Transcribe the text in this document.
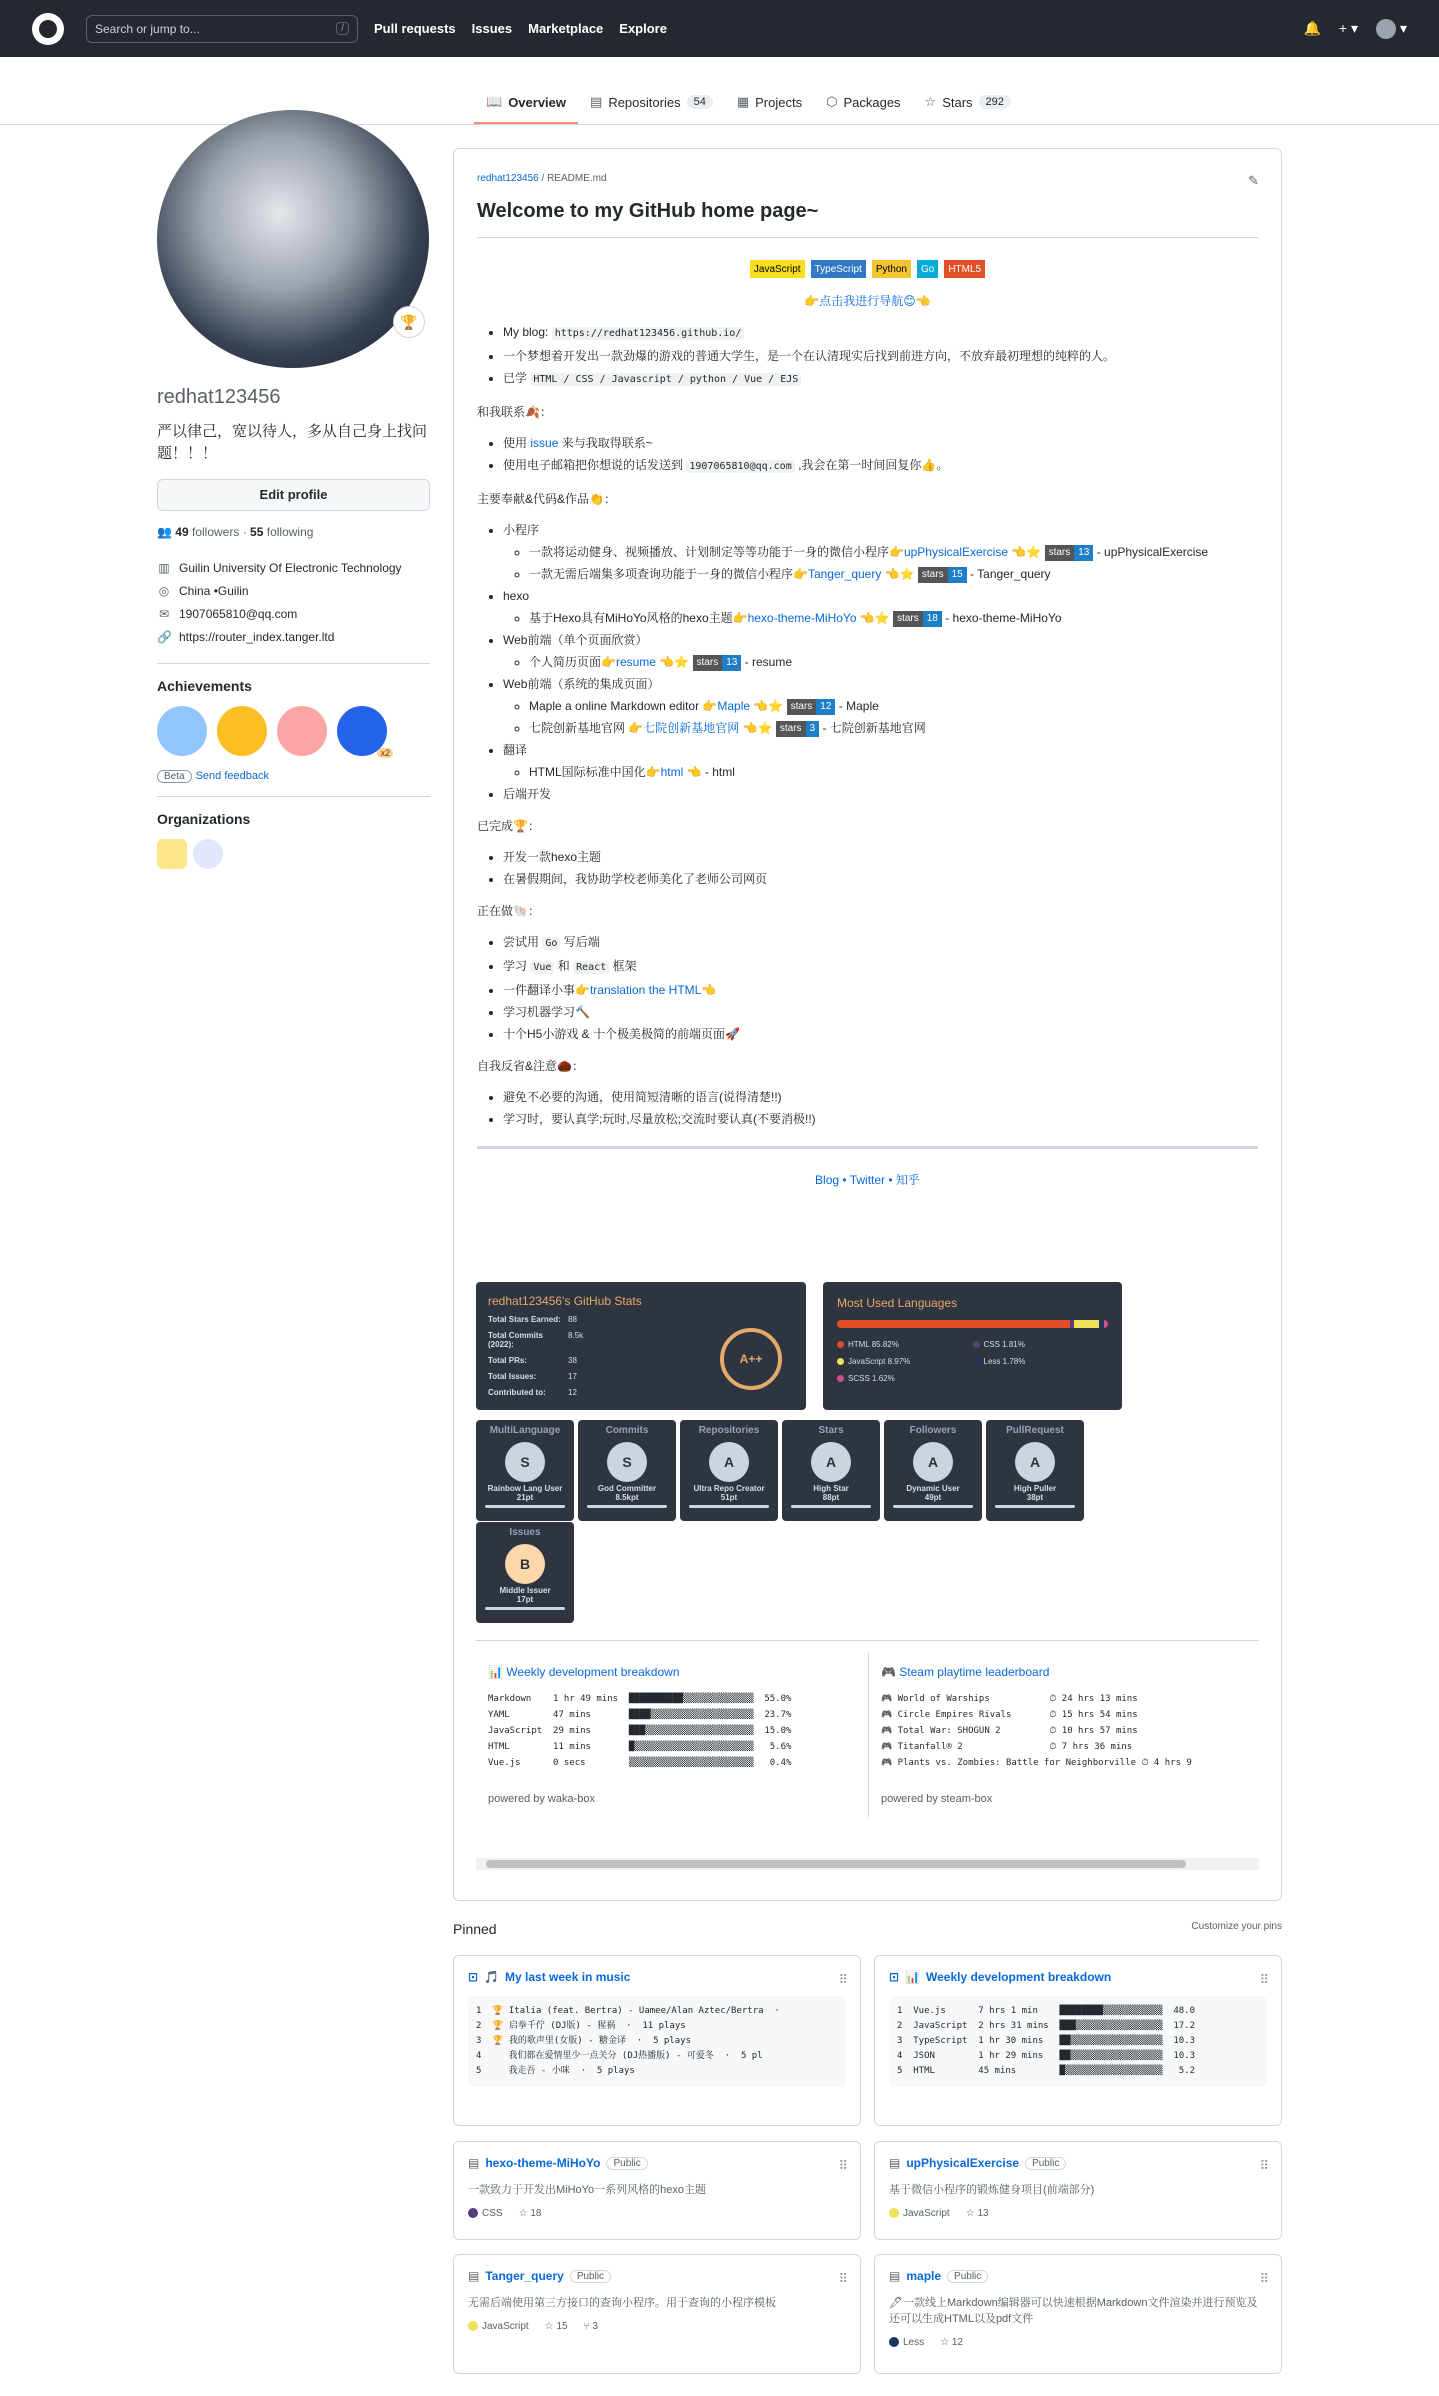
Search or jump to...	/	Pull requests Issues Marketplace Explore	🔔 + ▾	▾
📖 Overview ▤ Repositories	54	▦ Projects ⬡ Packages ☆ Stars	292
🏆
redhat123456
严以律己，宽以待人，多从自己身上找问题！！！
Edit profile
👥 49 followers · 55 following
▥ Guilin University Of Electronic Technology
◎ China •Guilin
✉ 1907065810@qq.com
🔗 https://router_index.tanger.ltd
Achievements
x2
Beta Send feedback
Organizations
redhat123456 / README.md	✎
Welcome to my GitHub home page~
JavaScript	TypeScript	Python	Go	HTML5
👉点击我进行导航😊👈
• My blog: https://redhat123456.github.io/
• 一个梦想着开发出一款劲爆的游戏的普通大学生，是一个在认清现实后找到前进方向，不放弃最初理想的纯粹的人。
• 已学 HTML / CSS / Javascript / python / Vue / EJS
和我联系🍂：
• 使用 issue 来与我取得联系~
• 使用电子邮箱把你想说的话发送到 1907065810@qq.com ,我会在第一时间回复你👍。
主要奉献&代码&作品👏：
• 小程序
◦ 一款将运动健身、视频播放、计划制定等等功能于一身的微信小程序👉upPhysicalExercise 👈⭐ stars 13 - upPhysicalExercise
◦ 一款无需后端集多项查询功能于一身的微信小程序👉Tanger_query 👈⭐ stars 15 - Tanger_query
• hexo
◦ 基于Hexo具有MiHoYo风格的hexo主题👉hexo-theme-MiHoYo 👈⭐ stars 18 - hexo-theme-MiHoYo
• Web前端（单个页面欣赏）
◦ 个人简历页面👉resume 👈⭐ stars 13 - resume
• Web前端（系统的集成页面）
◦ Maple a online Markdown editor 👉Maple 👈⭐ stars 12 - Maple
◦ 七院创新基地官网 👉七院创新基地官网 👈⭐ stars 3 - 七院创新基地官网
• 翻译
◦ HTML国际标准中国化👉html 👈 - html
• 后端开发
已完成🏆：
• 开发一款hexo主题
• 在暑假期间，我协助学校老师美化了老师公司网页
正在做🐚：
• 尝试用 Go 写后端
• 学习 Vue 和 React 框架
• 一件翻译小事👉translation the HTML👈
• 学习机器学习🔨
• 十个H5小游戏 & 十个极美极简的前端页面🚀
自我反省&注意🌰：
• 避免不必要的沟通，使用简短清晰的语言(说得清楚!!)
• 学习时，要认真学;玩时,尽量放松;交流时要认真(不要消极!!)
Blog • Twitter • 知乎
redhat123456's GitHub Stats
Total Stars Earned: 88
Total Commits (2022):
8.5k
Total PRs:	38
Total Issues:	17
Contributed to:	12
A++
Most Used Languages
HTML 85.82%	CSS 1.81%
JavaScript 8.97%	Less 1.78%
SCSS 1.62%
MultiLanguage
S
Rainbow Lang User
21pt
Commits
S
God Committer
8.5kpt
Repositories
A
Ultra Repo Creator
51pt
Stars
A
High Star
88pt
Followers
A
Dynamic User
49pt
PullRequest
A
High Puller
38pt
Issues
B
Middle Issuer
17pt
📊 Weekly development breakdown
Markdown    1 hr 49 mins  ██████████▒▒▒▒▒▒▒▒▒▒▒▒▒  55.0%
YAML        47 mins       ████▒▒▒▒▒▒▒▒▒▒▒▒▒▒▒▒▒▒▒  23.7%
JavaScript  29 mins       ███▒▒▒▒▒▒▒▒▒▒▒▒▒▒▒▒▒▒▒▒  15.0%
HTML        11 mins       █▒▒▒▒▒▒▒▒▒▒▒▒▒▒▒▒▒▒▒▒▒▒   5.6%
Vue.js      0 secs        ▒▒▒▒▒▒▒▒▒▒▒▒▒▒▒▒▒▒▒▒▒▒▒   0.4%
powered by waka-box
🎮 Steam playtime leaderboard
🎮 World of Warships           ⏱ 24 hrs 13 mins
🎮 Circle Empires Rivals       ⏱ 15 hrs 54 mins
🎮 Total War: SHOGUN 2         ⏱ 10 hrs 57 mins
🎮 Titanfall® 2                ⏱ 7 hrs 36 mins
🎮 Plants vs. Zombies: Battle for Neighborville ⏱ 4 hrs 9
powered by steam-box
Pinned	Customize your pins
⊡ 🎵 My last week in music	⠿
1  🏆 Italia (feat. Bertra) - Uamee/Alan Aztec/Bertra  ·
2  🏆 启拳千佇 (DJ版) - 猩祸  ·  11 plays
3  🏆 我的歌声里(女版) - 糖金译  ·  5 plays
4     我们都在爱情里少一点关分 (DJ热播版) - 可爱冬  ·  5 pl
5     我走吾 - 小咪  ·  5 plays
⊡ 📊 Weekly development breakdown	⠿
1  Vue.js      7 hrs 1 min    ████████▒▒▒▒▒▒▒▒▒▒▒  48.0
2  JavaScript  2 hrs 31 mins  ███▒▒▒▒▒▒▒▒▒▒▒▒▒▒▒▒  17.2
3  TypeScript  1 hr 30 mins   ██▒▒▒▒▒▒▒▒▒▒▒▒▒▒▒▒▒  10.3
4  JSON        1 hr 29 mins   ██▒▒▒▒▒▒▒▒▒▒▒▒▒▒▒▒▒  10.3
5  HTML        45 mins        █▒▒▒▒▒▒▒▒▒▒▒▒▒▒▒▒▒▒   5.2
▤ hexo-theme-MiHoYo	Public	⠿
一款致力于开发出MiHoYo一系列风格的hexo主题
CSS ☆ 18
▤ upPhysicalExercise	Public	⠿
基于微信小程序的锻炼健身项目(前端部分)
JavaScript ☆ 13
▤ Tanger_query	Public	⠿
无需后端使用第三方接口的查询小程序。用于查询的小程序模板
JavaScript ☆ 15 ⑂ 3
▤ maple	Public	⠿
🖊一款线上Markdown编辑器可以快速根据Markdown文件渲染并进行预览及还可以生成HTML以及pdf文件
Less ☆ 12
